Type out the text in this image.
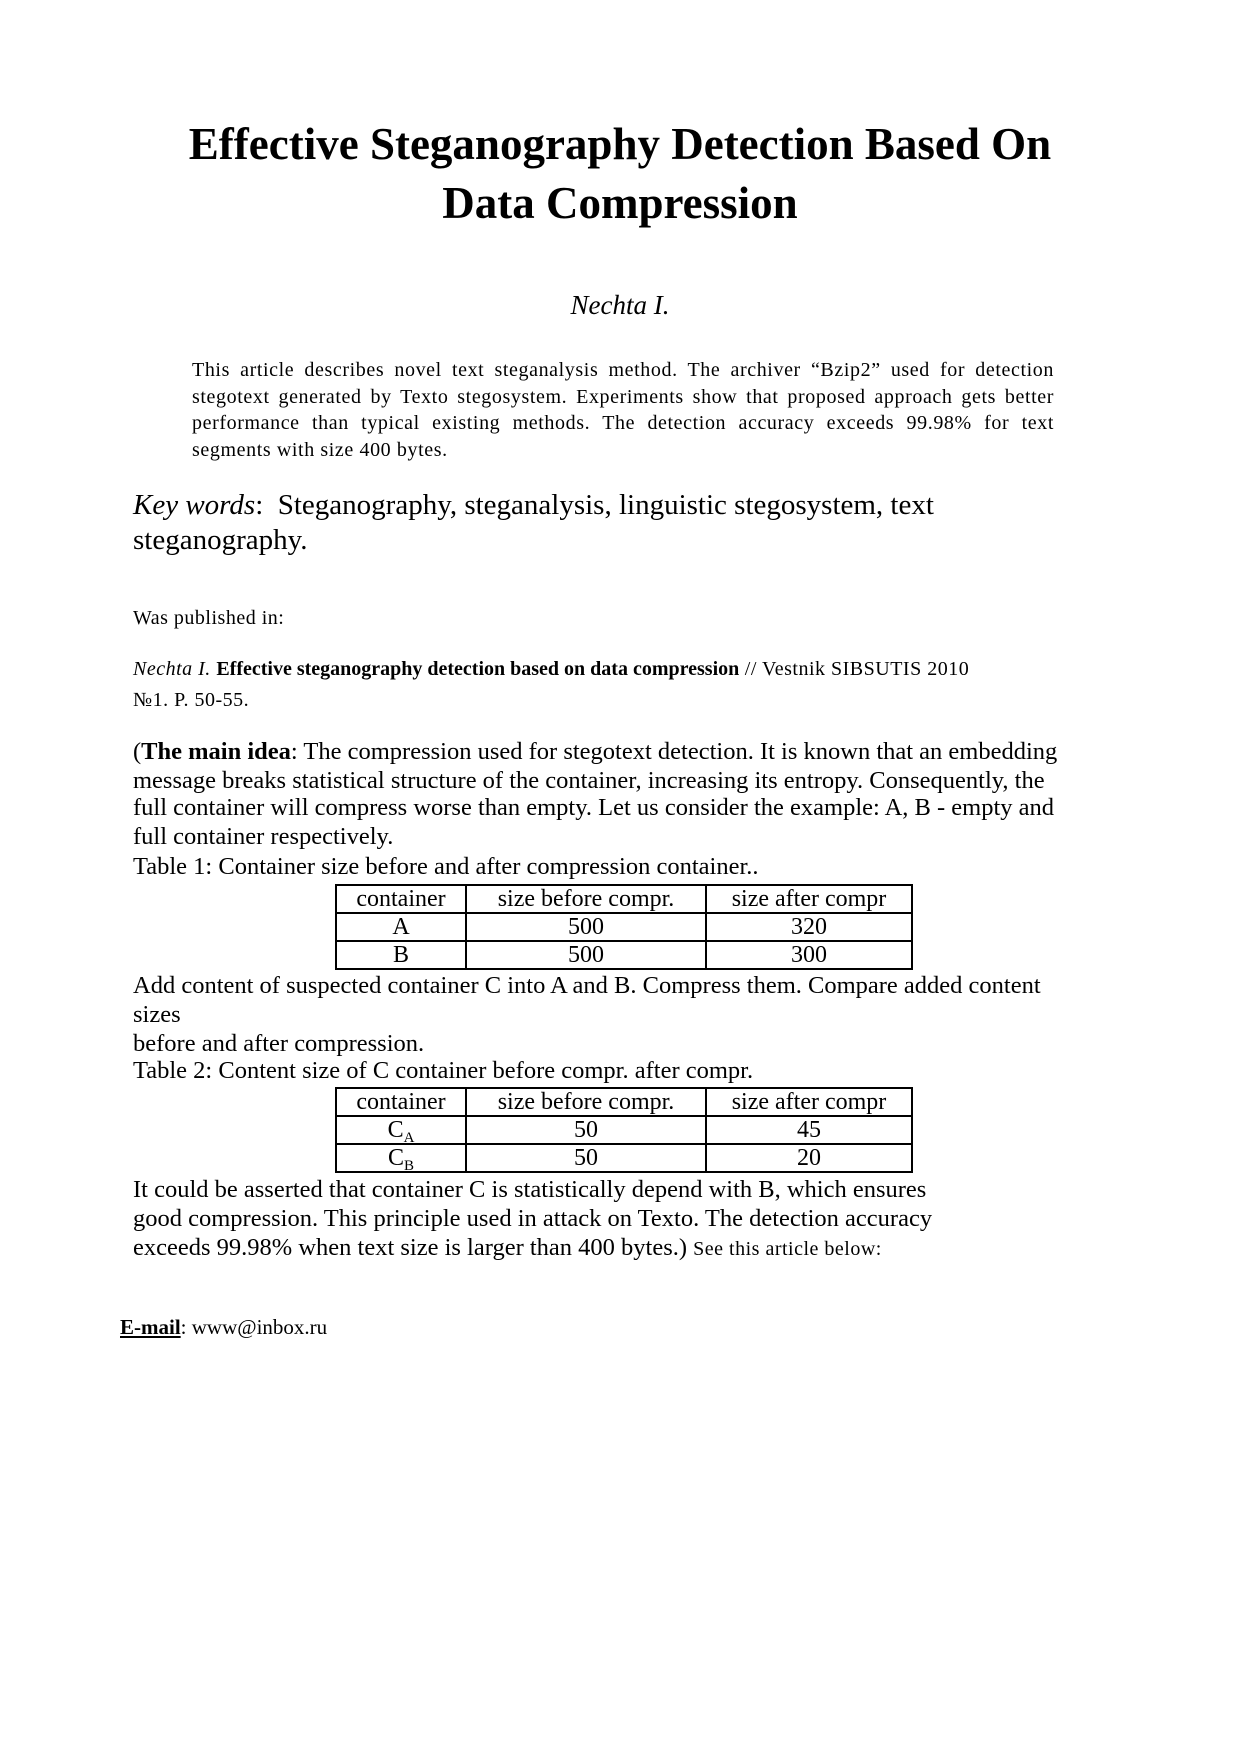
Effective Steganography Detection Based On
Data Compression
Nechta I.
This article describes novel text steganalysis method. The archiver “Bzip2” used for detection stegotext generated by Texto stegosystem. Experiments show that proposed approach gets better performance than typical existing methods. The detection accuracy exceeds 99.98% for text segments with size 400 bytes.
Key words: Steganography, steganalysis, linguistic stegosystem, text
steganography.
Was published in:
Nechta I. Effective steganography detection based on data compression // Vestnik SIBSUTIS 2010
№1. P. 50-55.
(The main idea: The compression used for stegotext detection. It is known that an embedding
message breaks statistical structure of the container, increasing its entropy. Consequently, the
full container will compress worse than empty. Let us consider the example: A, B - empty and
full container respectively.
Table 1: Container size before and after compression container..
container	size before compr.	size after compr
A	500	320
B	500	300
Add content of suspected container C into A and B. Compress them. Compare added content
sizes
before and after compression.
Table 2: Content size of C container before compr. after compr.
container	size before compr.	size after compr
$C_A$	50	45
$C_B$	50	20
It could be asserted that container C is statistically depend with B, which ensures
good compression. This principle used in attack on Texto. The detection accuracy
exceeds 99.98% when text size is larger than 400 bytes.) See this article below:
E-mail: www@inbox.ru
